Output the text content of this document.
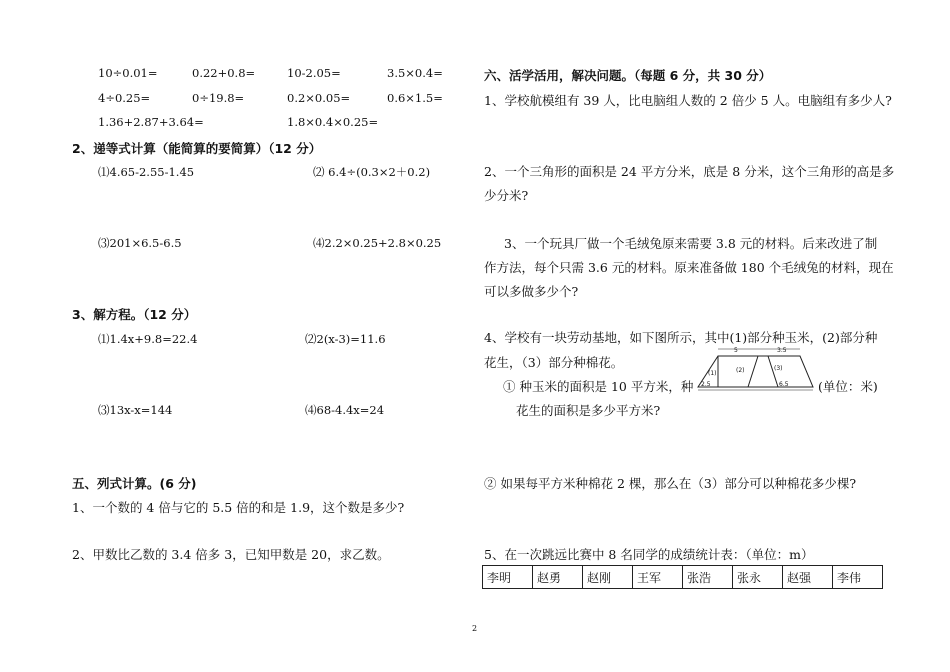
10÷0.01=	0.22+0.8=	10-2.05=	3.5×0.4=
4÷0.25=	0÷19.8=	0.2×0.05=	0.6×1.5=
1.36+2.87+3.64=	1.8×0.4×0.25=
2、递等式计算（能简算的要简算）（12 分）
⑴4.65-2.55-1.45	⑵ 6.4÷(0.3×2＋0.2)
⑶201×6.5-6.5	⑷2.2×0.25+2.8×0.25
3、解方程。（12 分）
⑴1.4x+9.8=22.4	⑵2(x-3)=11.6
⑶13x-x=144	⑷68-4.4x=24
五、列式计算。(6 分)
1、一个数的 4 倍与它的 5.5 倍的和是 1.9，这个数是多少?
2、甲数比乙数的 3.4 倍多 3，已知甲数是 20，求乙数。
六、活学活用，解决问题。（每题 6 分，共 30 分）
1、学校航模组有 39 人，比电脑组人数的 2 倍少 5 人。电脑组有多少人?
2、一个三角形的面积是 24 平方分米，底是 8 分米，这个三角形的高是多
少分米?
3、一个玩具厂做一个毛绒兔原来需要 3.8 元的材料。后来改进了制
作方法，每个只需 3.6 元的材料。原来准备做 180 个毛绒兔的材料，现在
可以多做多少个?
4、学校有一块劳动基地，如下图所示，其中(1)部分种玉米，(2)部分种
花生，（3）部分种棉花。
① 种玉米的面积是 10 平方米，种	(单位：米)
花生的面积是多少平方米?
5	3.5
(1)	(2)	(3)
2.5	6.5
② 如果每平方米种棉花 2 棵，那么在（3）部分可以种棉花多少棵?
5、在一次跳远比赛中 8 名同学的成绩统计表：（单位：m）
李明	赵勇	赵刚	王军	张浩	张永	赵强	李伟
2
